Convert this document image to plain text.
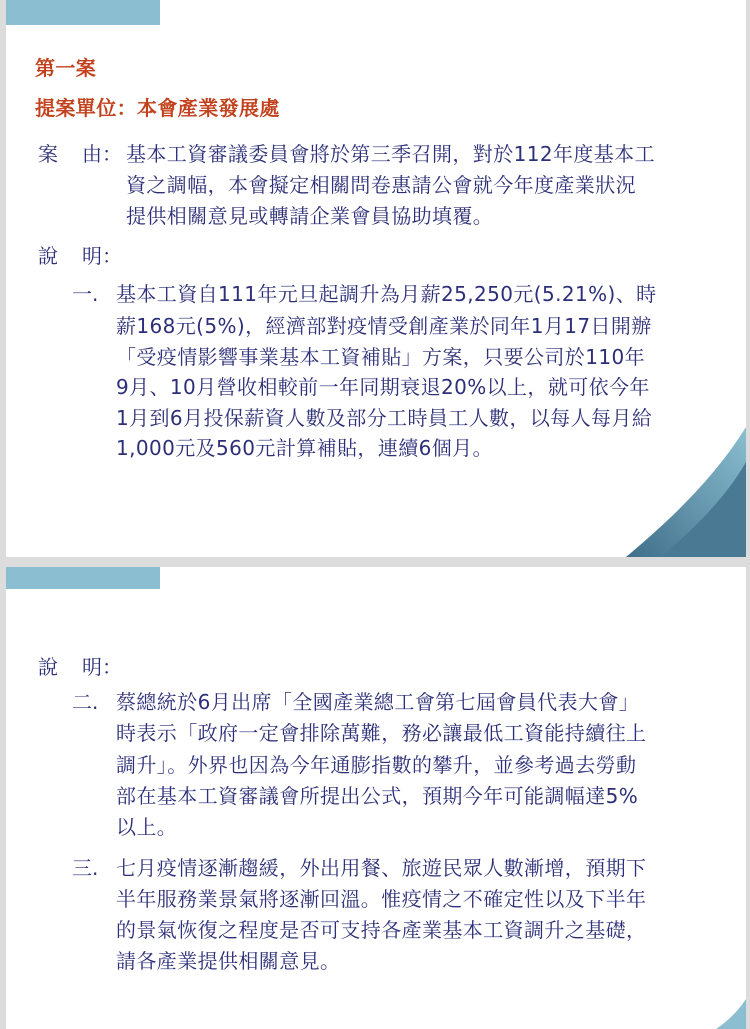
第一案
提案單位：本會產業發展處
案 由： 基本工資審議委員會將於第三季召開，對於112年度基本工
資之調幅，本會擬定相關問卷惠請公會就今年度產業狀況
提供相關意見或轉請企業會員協助填覆。
說 明：
一. 基本工資自111年元旦起調升為月薪25,250元(5.21%)、時
薪168元(5%)，經濟部對疫情受創產業於同年1月17日開辦
「受疫情影響事業基本工資補貼」方案，只要公司於110年
9月、10月營收相較前一年同期衰退20%以上，就可依今年
1月到6月投保薪資人數及部分工時員工人數，以每人每月給
1,000元及560元計算補貼，連續6個月。
說 明：
二. 蔡總統於6月出席「全國產業總工會第七屆會員代表大會」
時表示「政府一定會排除萬難，務必讓最低工資能持續往上
調升」。外界也因為今年通膨指數的攀升，並參考過去勞動
部在基本工資審議會所提出公式，預期今年可能調幅達5%
以上。
三. 七月疫情逐漸趨緩，外出用餐、旅遊民眾人數漸增，預期下
半年服務業景氣將逐漸回溫。惟疫情之不確定性以及下半年
的景氣恢復之程度是否可支持各產業基本工資調升之基礎，
請各產業提供相關意見。
